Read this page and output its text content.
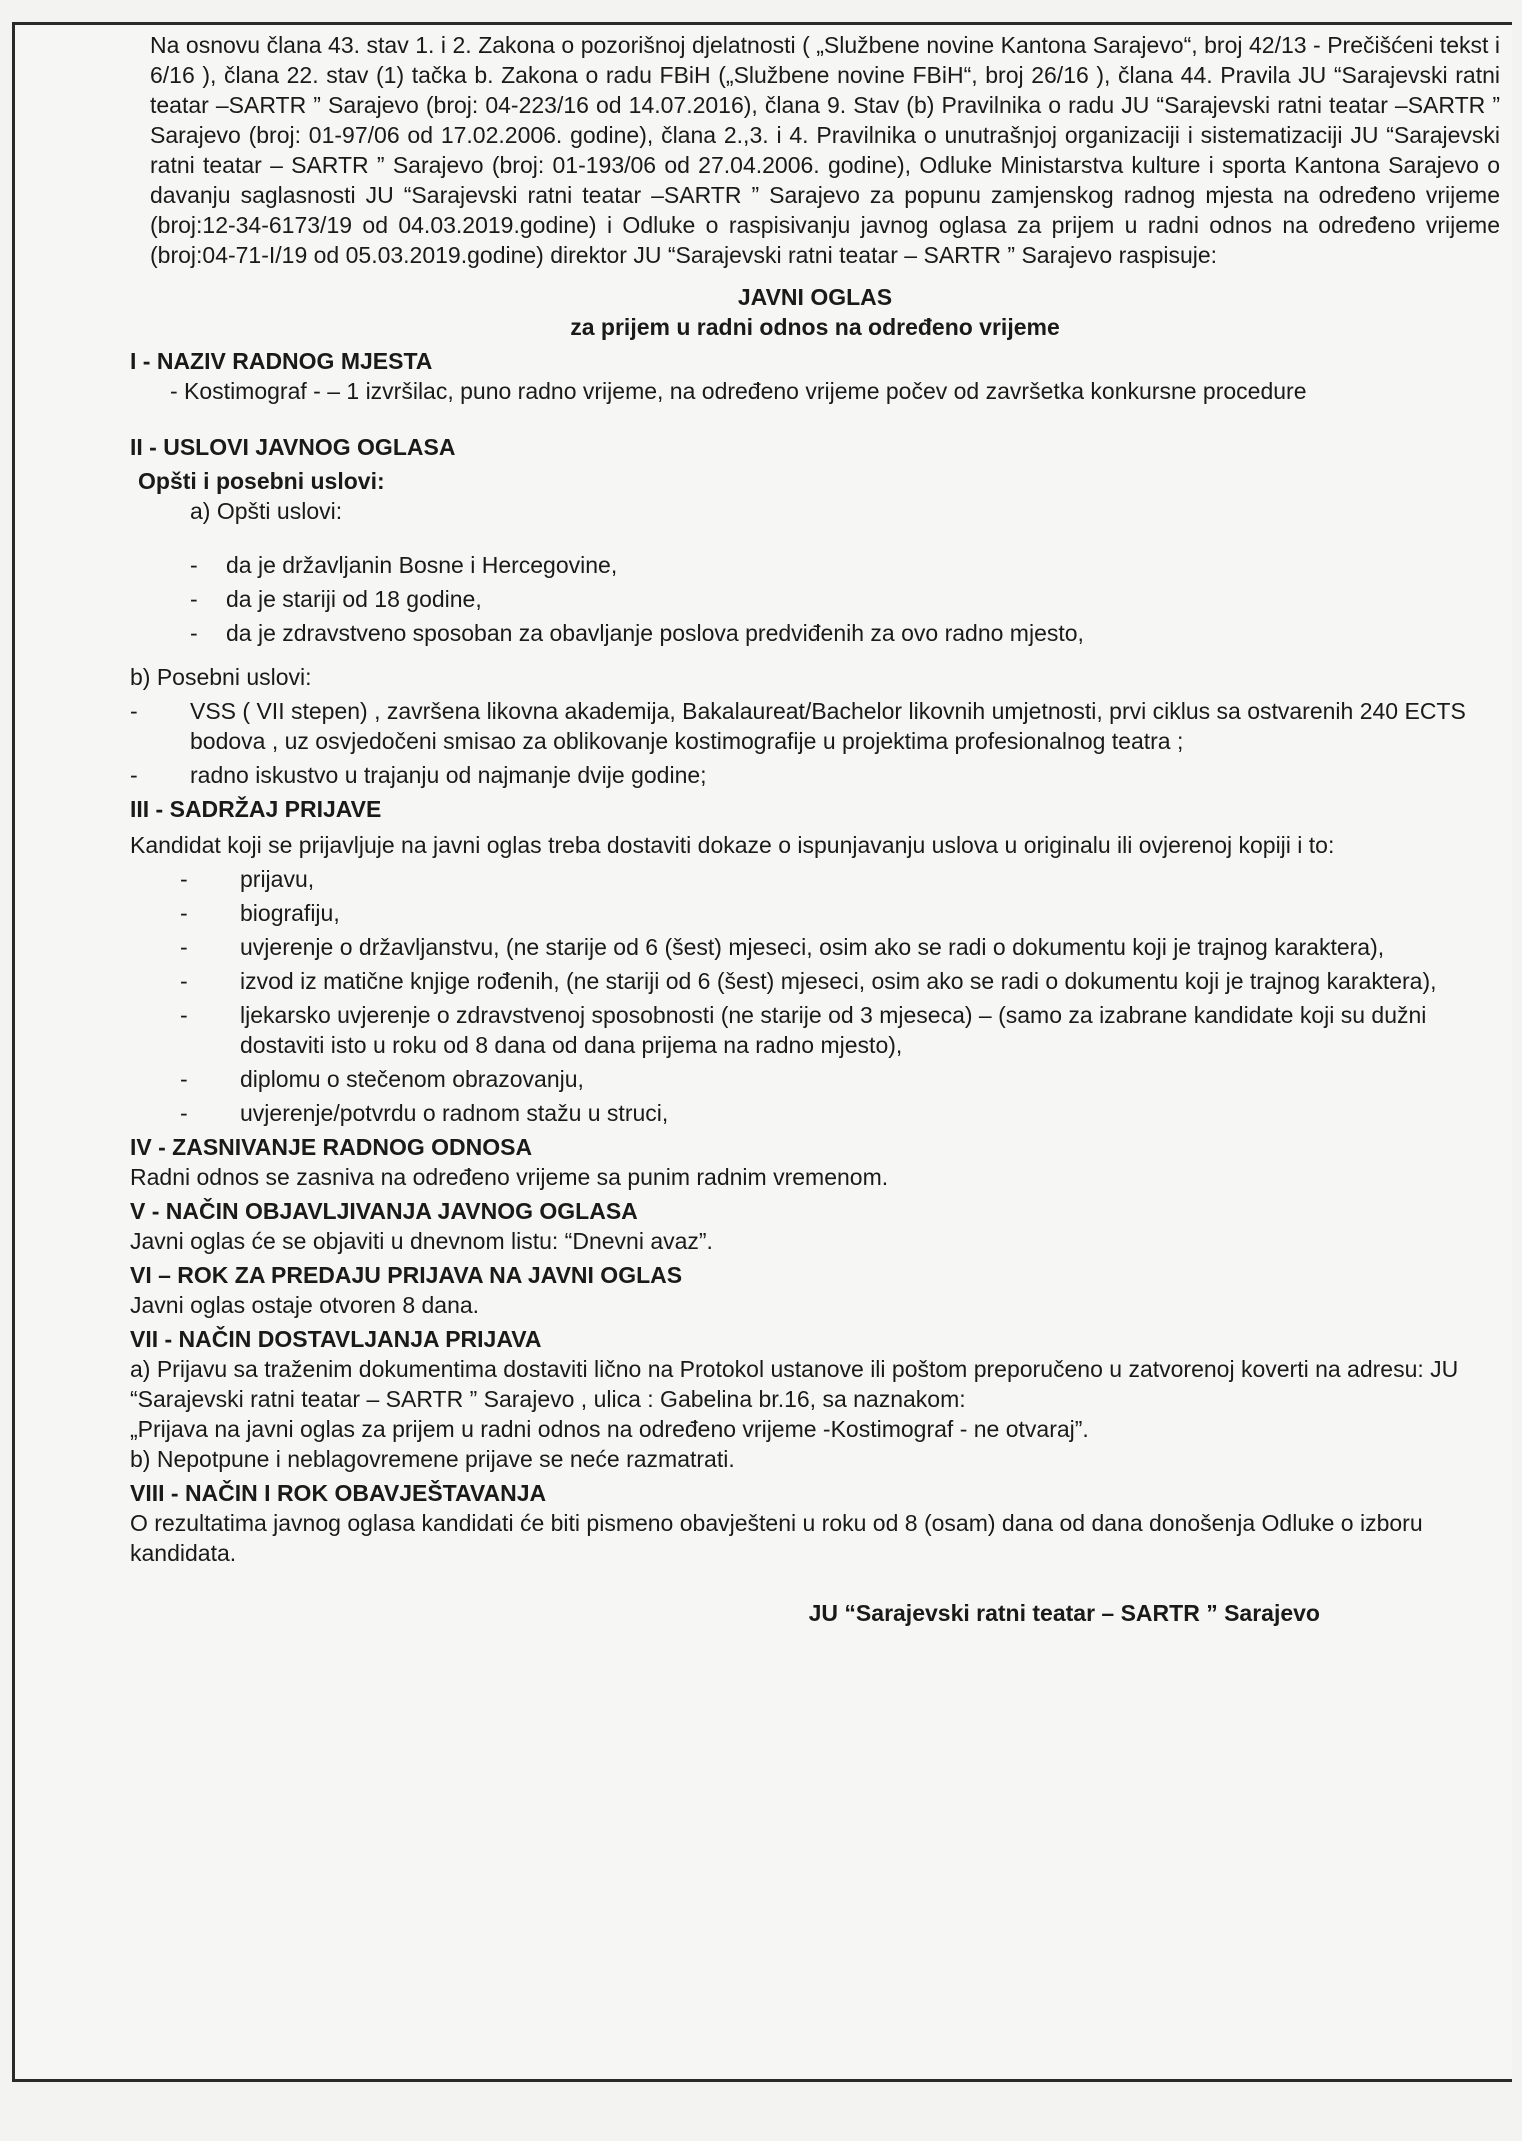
Na osnovu člana 43. stav 1. i 2. Zakona o pozorišnoj djelatnosti ( „Službene novine Kantona Sarajevo“, broj 42/13 - Prečišćeni tekst i 6/16 ), člana 22. stav (1) tačka b. Zakona o radu FBiH („Službene novine FBiH“, broj 26/16 ), člana 44. Pravila JU “Sarajevski ratni teatar –SARTR ” Sarajevo (broj: 04-223/16 od 14.07.2016), člana 9. Stav (b) Pravilnika o radu JU “Sarajevski ratni teatar –SARTR ” Sarajevo (broj: 01-97/06 od 17.02.2006. godine), člana 2.,3. i 4. Pravilnika o unutrašnjoj organizaciji i sistematizaciji JU “Sarajevski ratni teatar – SARTR ” Sarajevo (broj: 01-193/06 od 27.04.2006. godine), Odluke Ministarstva kulture i sporta Kantona Sarajevo o davanju saglasnosti JU “Sarajevski ratni teatar –SARTR ” Sarajevo za popunu zamjenskog radnog mjesta na određeno vrijeme (broj:12-34-6173/19 od 04.03.2019.godine) i Odluke o raspisivanju javnog oglasa za prijem u radni odnos na određeno vrijeme (broj:04-71-I/19 od 05.03.2019.godine) direktor JU “Sarajevski ratni teatar – SARTR ” Sarajevo raspisuje:

JAVNI OGLAS

za prijem u radni odnos na određeno vrijeme

I - NAZIV RADNOG MJESTA

- Kostimograf - – 1 izvršilac, puno radno vrijeme, na određeno vrijeme počev od završetka konkursne procedure

II - USLOVI JAVNOG OGLASA

Opšti i posebni uslovi:

a) Opšti uslovi:

- da je državljanin Bosne i Hercegovine,
- da je stariji od 18 godine,
- da je zdravstveno sposoban za obavljanje poslova predviđenih za ovo radno mjesto,

b) Posebni uslovi:

- VSS ( VII stepen) , završena likovna akademija, Bakalaureat/Bachelor likovnih umjetnosti, prvi ciklus sa ostvarenih 240 ECTS bodova , uz osvjedočeni smisao za oblikovanje kostimografije u projektima profesionalnog teatra ;
- radno iskustvo u trajanju od najmanje dvije godine;

III - SADRŽAJ PRIJAVE

Kandidat koji se prijavljuje na javni oglas treba dostaviti dokaze o ispunjavanju uslova u originalu ili ovjerenoj kopiji i to:

- prijavu,
- biografiju,
- uvjerenje o državljanstvu, (ne starije od 6 (šest) mjeseci, osim ako se radi o dokumentu koji je trajnog karaktera),
- izvod iz matične knjige rođenih, (ne stariji od 6 (šest) mjeseci, osim ako se radi o dokumentu koji je trajnog karaktera),
- ljekarsko uvjerenje o zdravstvenoj sposobnosti (ne starije od 3 mjeseca) – (samo za izabrane kandidate koji su dužni dostaviti isto u roku od 8 dana od dana prijema na radno mjesto),
- diplomu o stečenom obrazovanju,
- uvjerenje/potvrdu o radnom stažu u struci,

IV - ZASNIVANJE RADNOG ODNOSA

Radni odnos se zasniva na određeno vrijeme sa punim radnim vremenom.

V - NAČIN OBJAVLJIVANJA JAVNOG OGLASA

Javni oglas će se objaviti u dnevnom listu: “Dnevni avaz”.

VI – ROK ZA PREDAJU PRIJAVA NA JAVNI OGLAS

Javni oglas ostaje otvoren 8 dana.

VII - NAČIN DOSTAVLJANJA PRIJAVA

a) Prijavu sa traženim dokumentima dostaviti lično na Protokol ustanove ili poštom preporučeno u zatvorenoj koverti na adresu: JU “Sarajevski ratni teatar – SARTR ” Sarajevo , ulica : Gabelina br.16, sa naznakom:

„Prijava na javni oglas za prijem u radni odnos na određeno vrijeme -Kostimograf - ne otvaraj”.

b) Nepotpune i neblagovremene prijave se neće razmatrati.

VIII - NAČIN I ROK OBAVJEŠTAVANJA

O rezultatima javnog oglasa kandidati će biti pismeno obavješteni u roku od 8 (osam) dana od dana donošenja Odluke o izboru kandidata.

JU “Sarajevski ratni teatar – SARTR ” Sarajevo
